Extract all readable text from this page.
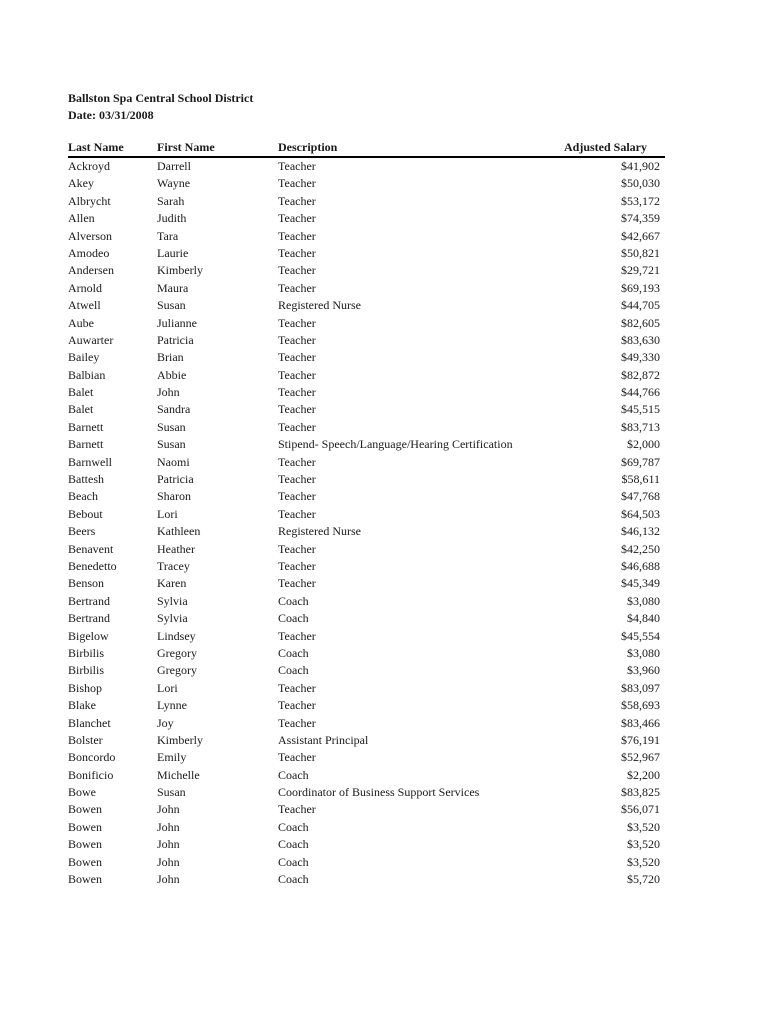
Ballston Spa Central School District
Date: 03/31/2008
Last Name	First Name	Description	Adjusted Salary
Ackroyd	Darrell	Teacher	$41,902
Akey	Wayne	Teacher	$50,030
Albrycht	Sarah	Teacher	$53,172
Allen	Judith	Teacher	$74,359
Alverson	Tara	Teacher	$42,667
Amodeo	Laurie	Teacher	$50,821
Andersen	Kimberly	Teacher	$29,721
Arnold	Maura	Teacher	$69,193
Atwell	Susan	Registered Nurse	$44,705
Aube	Julianne	Teacher	$82,605
Auwarter	Patricia	Teacher	$83,630
Bailey	Brian	Teacher	$49,330
Balbian	Abbie	Teacher	$82,872
Balet	John	Teacher	$44,766
Balet	Sandra	Teacher	$45,515
Barnett	Susan	Teacher	$83,713
Barnett	Susan	Stipend- Speech/Language/Hearing Certification	$2,000
Barnwell	Naomi	Teacher	$69,787
Battesh	Patricia	Teacher	$58,611
Beach	Sharon	Teacher	$47,768
Bebout	Lori	Teacher	$64,503
Beers	Kathleen	Registered Nurse	$46,132
Benavent	Heather	Teacher	$42,250
Benedetto	Tracey	Teacher	$46,688
Benson	Karen	Teacher	$45,349
Bertrand	Sylvia	Coach	$3,080
Bertrand	Sylvia	Coach	$4,840
Bigelow	Lindsey	Teacher	$45,554
Birbilis	Gregory	Coach	$3,080
Birbilis	Gregory	Coach	$3,960
Bishop	Lori	Teacher	$83,097
Blake	Lynne	Teacher	$58,693
Blanchet	Joy	Teacher	$83,466
Bolster	Kimberly	Assistant Principal	$76,191
Boncordo	Emily	Teacher	$52,967
Bonificio	Michelle	Coach	$2,200
Bowe	Susan	Coordinator of Business Support Services	$83,825
Bowen	John	Teacher	$56,071
Bowen	John	Coach	$3,520
Bowen	John	Coach	$3,520
Bowen	John	Coach	$3,520
Bowen	John	Coach	$5,720
